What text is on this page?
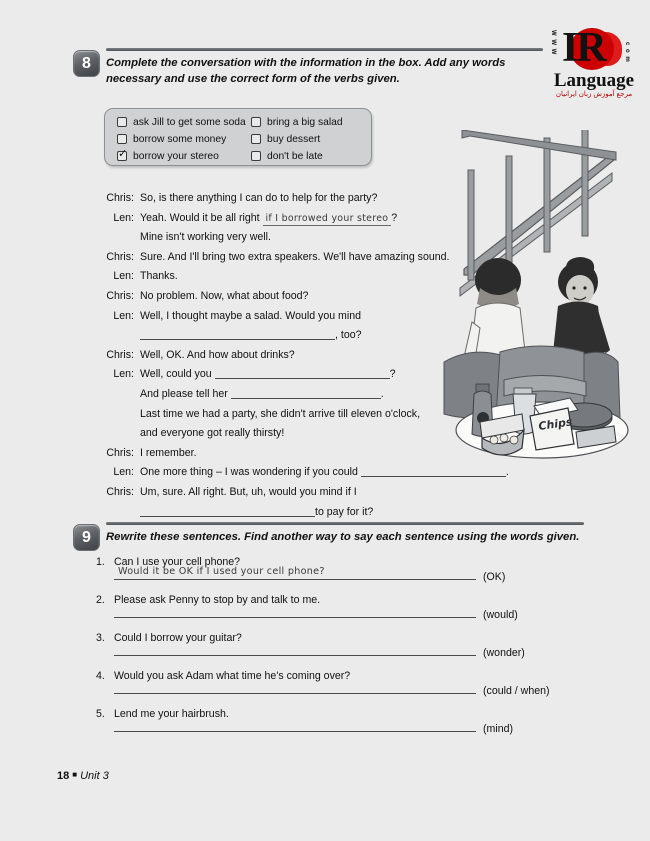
W W W IR	c o m
Language
مرجع آموزش زبان ایرانیان
8	Complete the conversation with the information in the box. Add any words
necessary and use the correct form of the verbs given.
ask Jill to get some soda
borrow some money
✓
borrow your stereo
bring a big salad
buy dessert
don't be late
Chris: So, is there anything I can do to help for the party?
Len: Yeah. Would it be all right if I borrowed your stereo ?
Mine isn't working very well.
Chris: Sure. And I'll bring two extra speakers. We'll have amazing sound.
Len: Thanks.
Chris: No problem. Now, what about food?
Len: Well, I thought maybe a salad. Would you mind
, too?
Chris: Well, OK. And how about drinks?
Len: Well, could you	?
And please tell her	.
Last time we had a party, she didn't arrive till eleven o'clock,
and everyone got really thirsty!
Chris: I remember.
Len: One more thing – I was wondering if you could	.
Chris: Um, sure. All right. But, uh, would you mind if I
to pay for it?
Chips
9	Rewrite these sentences. Find another way to say each sentence using the words given.
1. Can I use your cell phone?
Would it be OK if I used your cell phone?	(OK)
2. Please ask Penny to stop by and talk to me.
(would)
3. Could I borrow your guitar?
(wonder)
4. Would you ask Adam what time he's coming over?
(could / when)
5. Lend me your hairbrush.
(mind)
18 ■ Unit 3
